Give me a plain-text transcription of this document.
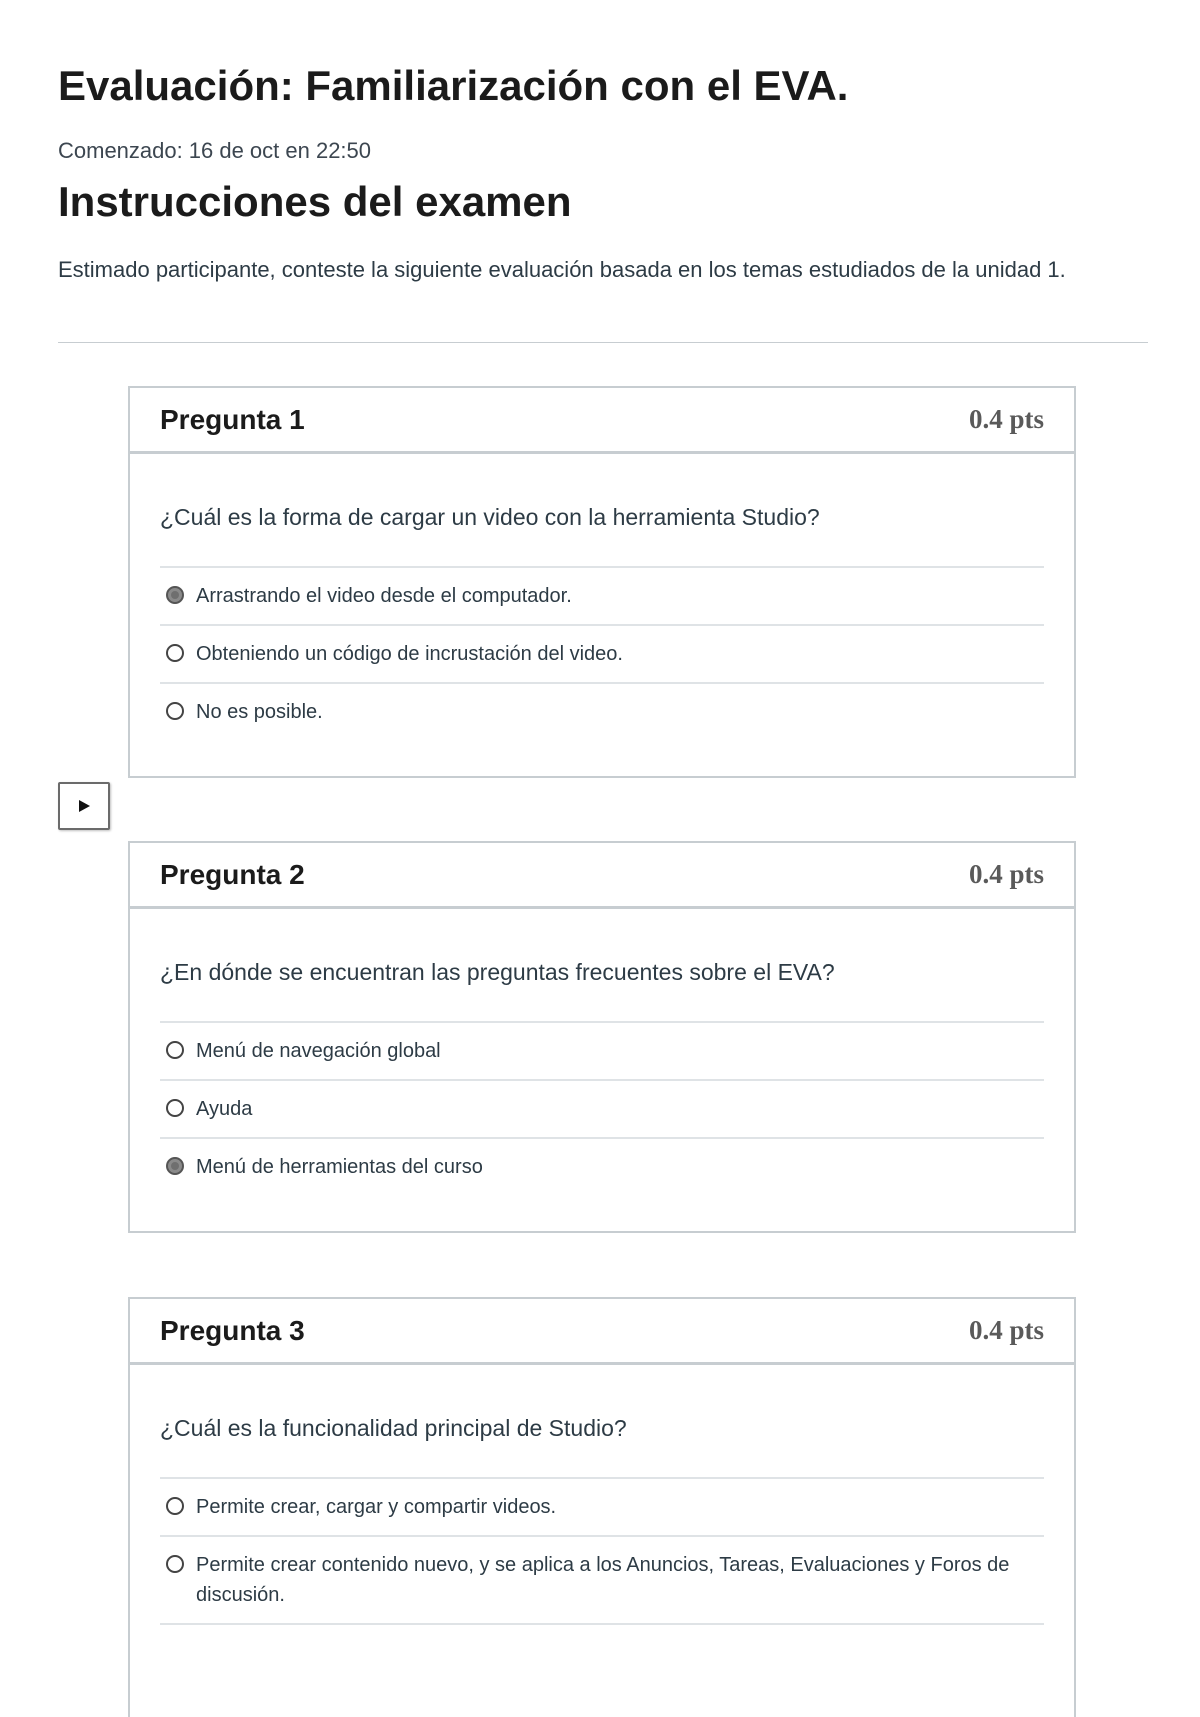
Evaluación: Familiarización con el EVA.
Comenzado: 16 de oct en 22:50
Instrucciones del examen

Estimado participante, conteste la siguiente evaluación basada en los temas estudiados de la unidad 1.

Pregunta 1	0.4 pts

¿Cuál es la forma de cargar un video con la herramienta Studio?

Arrastrando el video desde el computador.
Obteniendo un código de incrustación del video.
No es posible.
Pregunta 2	0.4 pts

¿En dónde se encuentran las preguntas frecuentes sobre el EVA?

Menú de navegación global
Ayuda
Menú de herramientas del curso
Pregunta 3	0.4 pts

¿Cuál es la funcionalidad principal de Studio?

Permite crear, cargar y compartir videos.
Permite crear contenido nuevo, y se aplica a los Anuncios, Tareas, Evaluaciones y Foros de discusión.
